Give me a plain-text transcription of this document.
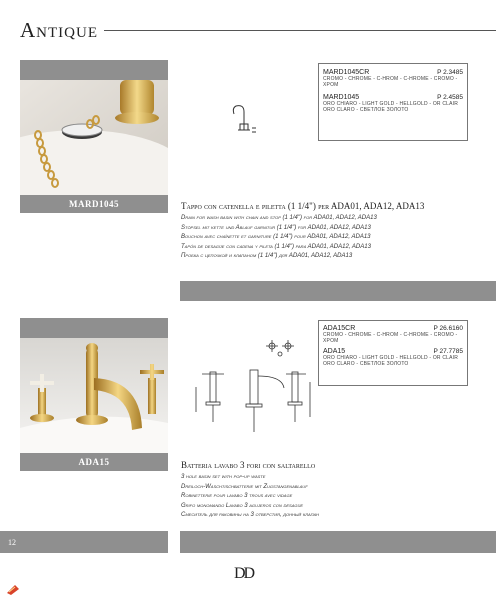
Antique
MARD1045
MARD1045CR	P 2.3485
CROMO - CHROME - C-HROM - C-HROME - CROMO - XPOM
MARD1045	P 2.4585
ORO CHIARO - LIGHT GOLD - HELLGOLD - OR CLAIR
ORO CLARO - СВЕТЛОЕ ЗОЛОТО
Tappo con catenella e piletta (1 1/4") per ADA01, ADA12, ADA13
Drain for wash basin with chain and stop (1 1/4") for ADA01, ADA12, ADA13
Stöpsel mit kette und Ablauf garnitur (1 1/4") für ADA01, ADA12, ADA13
Bouchon avec chaînette et garniture (1 1/4") pour ADA01, ADA12, ADA13
Tapón de desagüe con cadena y pileta (1 1/4") para ADA01, ADA12, ADA13
Пробка с цепочкой и клапаном (1 1/4") для ADA01, ADA12, ADA13
ADA15
ADA15CR	P 26.6160
CROMO - CHROME - C-HROM - C-HROME - CROMO - XPOM
ADA15	P 27.7785
ORO CHIARO - LIGHT GOLD - HELLGOLD - OR CLAIR
ORO CLARO - СВЕТЛОЕ ЗОЛОТО
Batteria lavabo 3 fori con saltarello
3 hole basin set with pop-up waste
Dreiloch-Waschtischbatterie mit Zugstangenablauf
Robinetterie pour lavabo 3 trous avec vidage
Grifo monomando Lavabo 3 agujeros con desagüe
Смеситель для раковины на 3 отверстия, донный клапан
12
DD
